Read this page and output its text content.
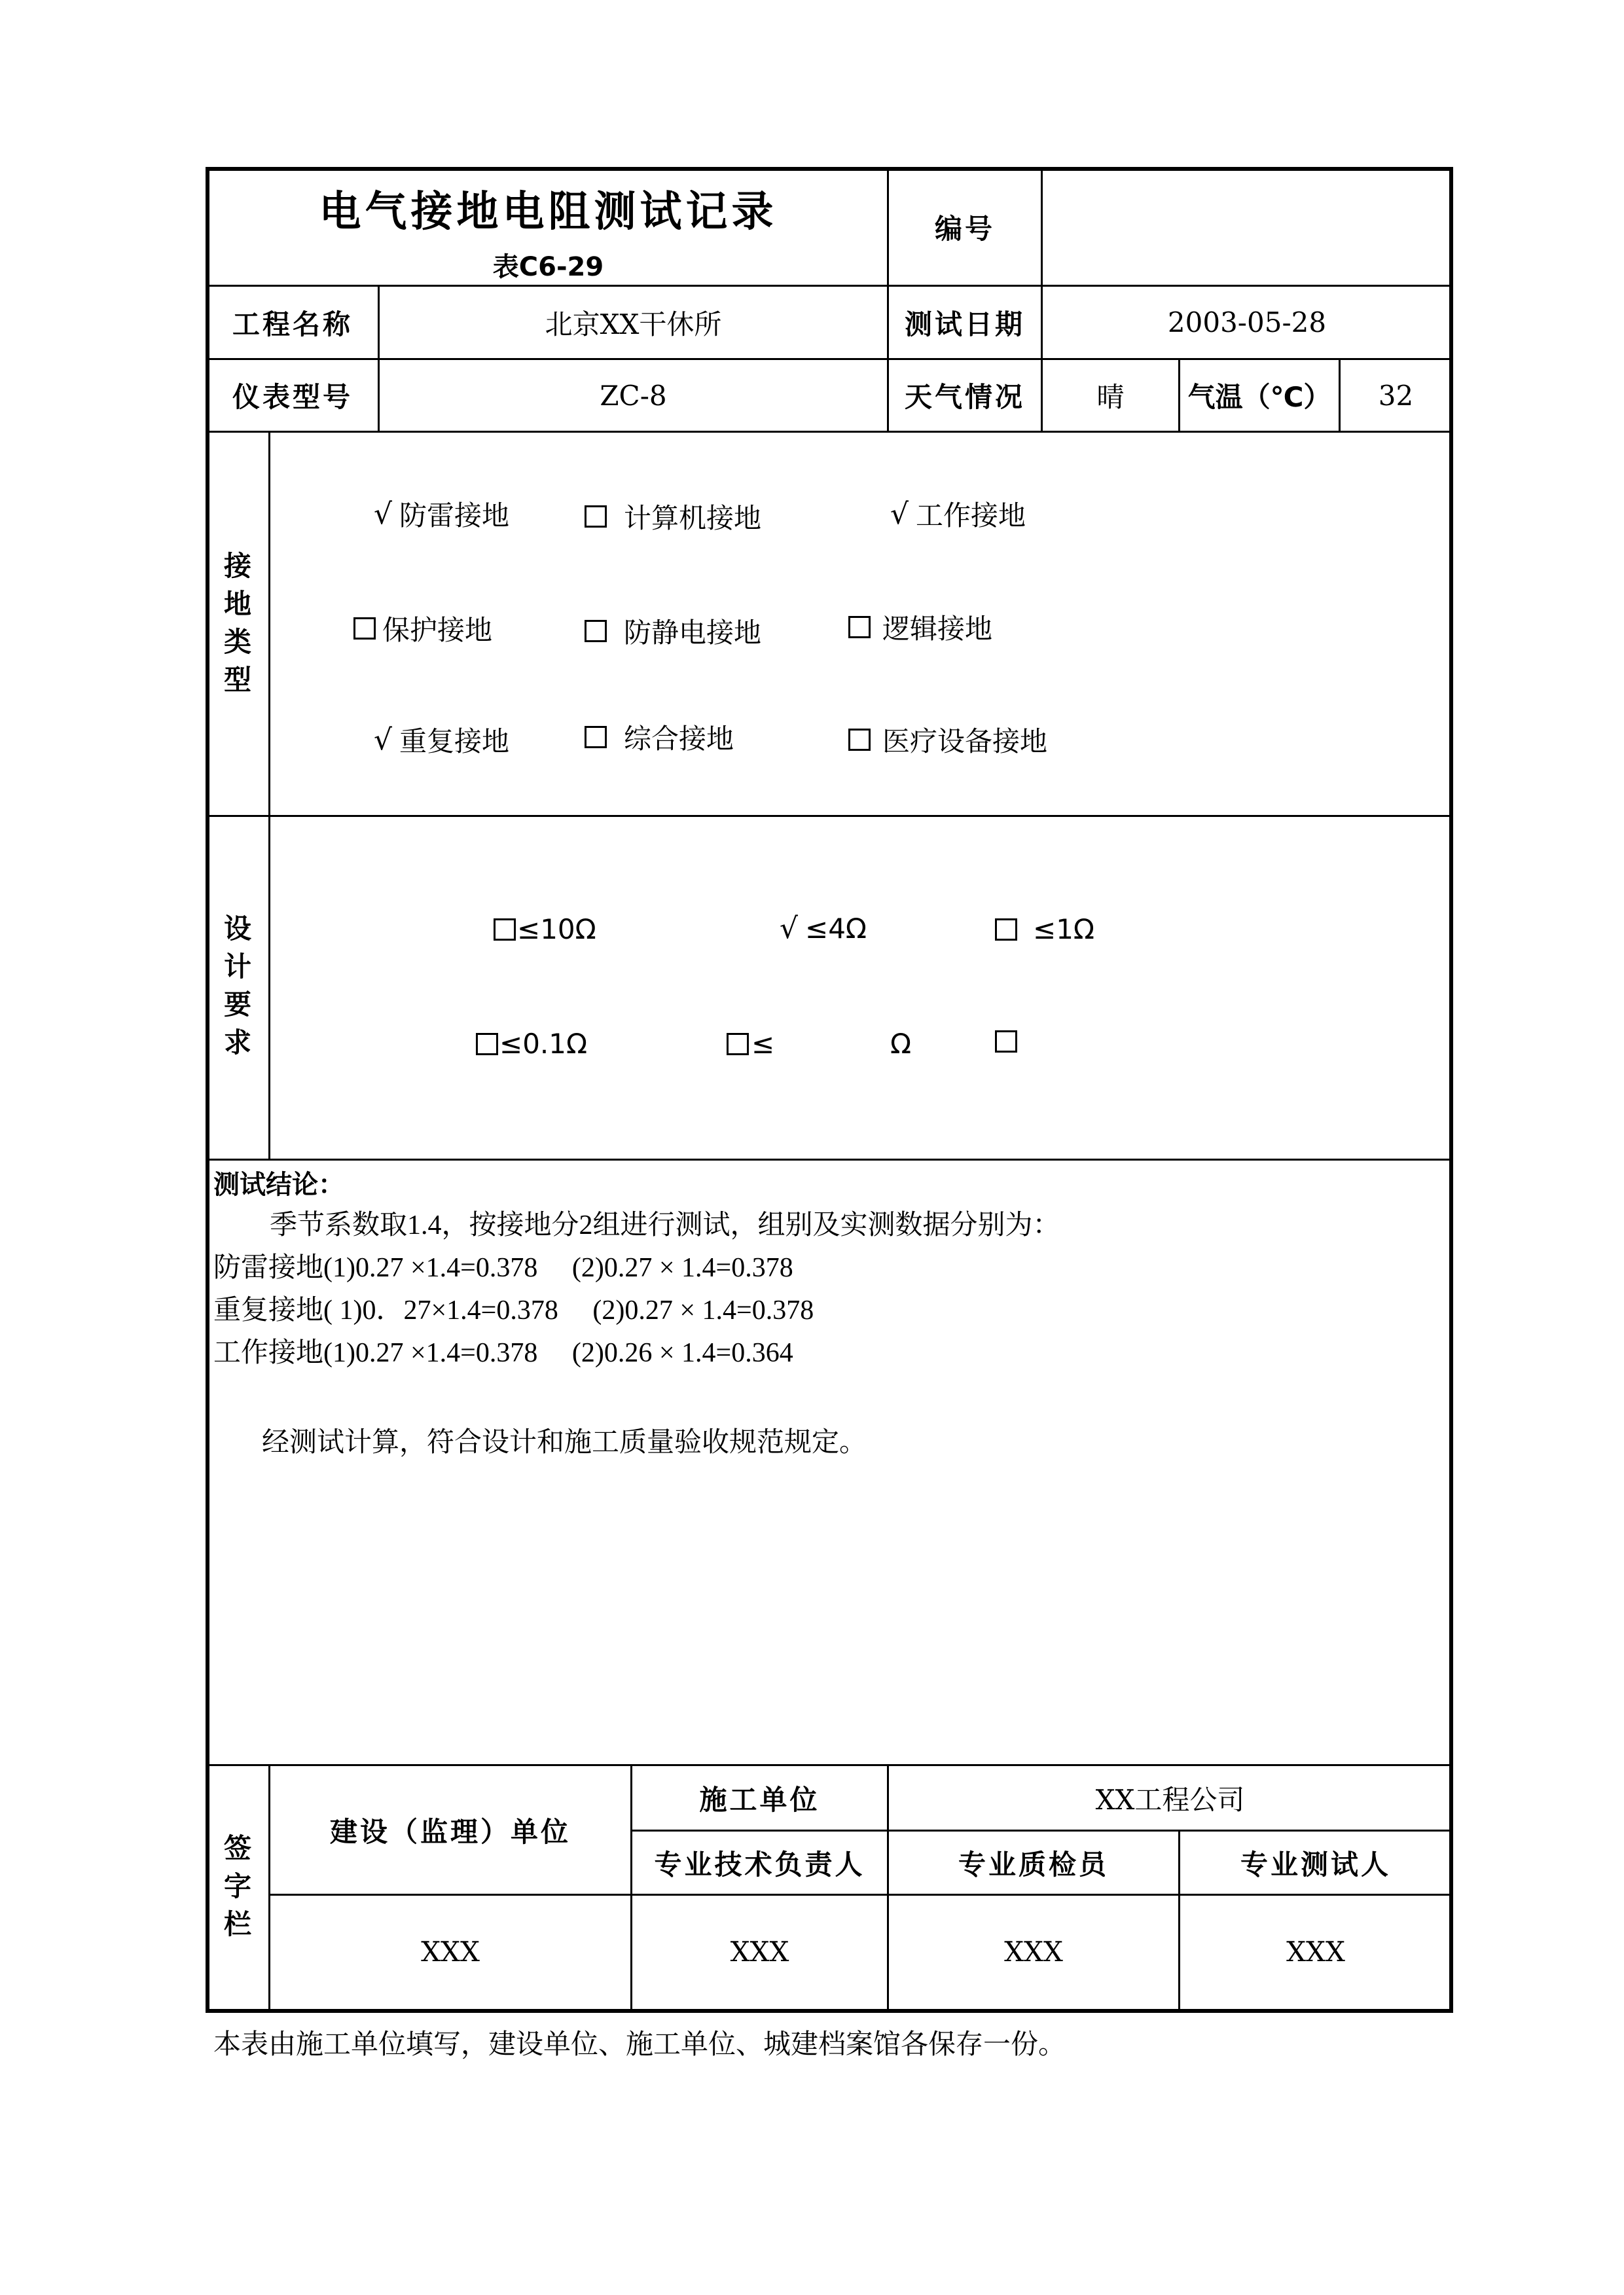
电气接地电阻测试记录
表C6-29
编号
工程名称	北京XX干休所	测试日期	2003-05-28
仪表型号	ZC-8	天气情况	晴	气温（℃）	32
接
地
类
型
√ 防雷接地	计算机接地	√ 工作接地
保护接地	防静电接地	逻辑接地
√ 重复接地	综合接地	医疗设备接地
设
计
要
求
≤10Ω	√ ≤4Ω	≤1Ω
≤0.1Ω	≤	Ω
测试结论：
季节系数取1.4，按接地分2组进行测试，组别及实测数据分别为：
防雷接地(1)0.27 ×1.4=0.378     (2)0.27 × 1.4=0.378
重复接地( 1)0．27×1.4=0.378     (2)0.27 × 1.4=0.378
工作接地(1)0.27 ×1.4=0.378     (2)0.26 × 1.4=0.364
经测试计算，符合设计和施工质量验收规范规定。
签
字
栏
建设（监理）单位
施工单位	XX工程公司
专业技术负责人	专业质检员	专业测试人
XXX	XXX	XXX	XXX
本表由施工单位填写，建设单位、施工单位、城建档案馆各保存一份。
